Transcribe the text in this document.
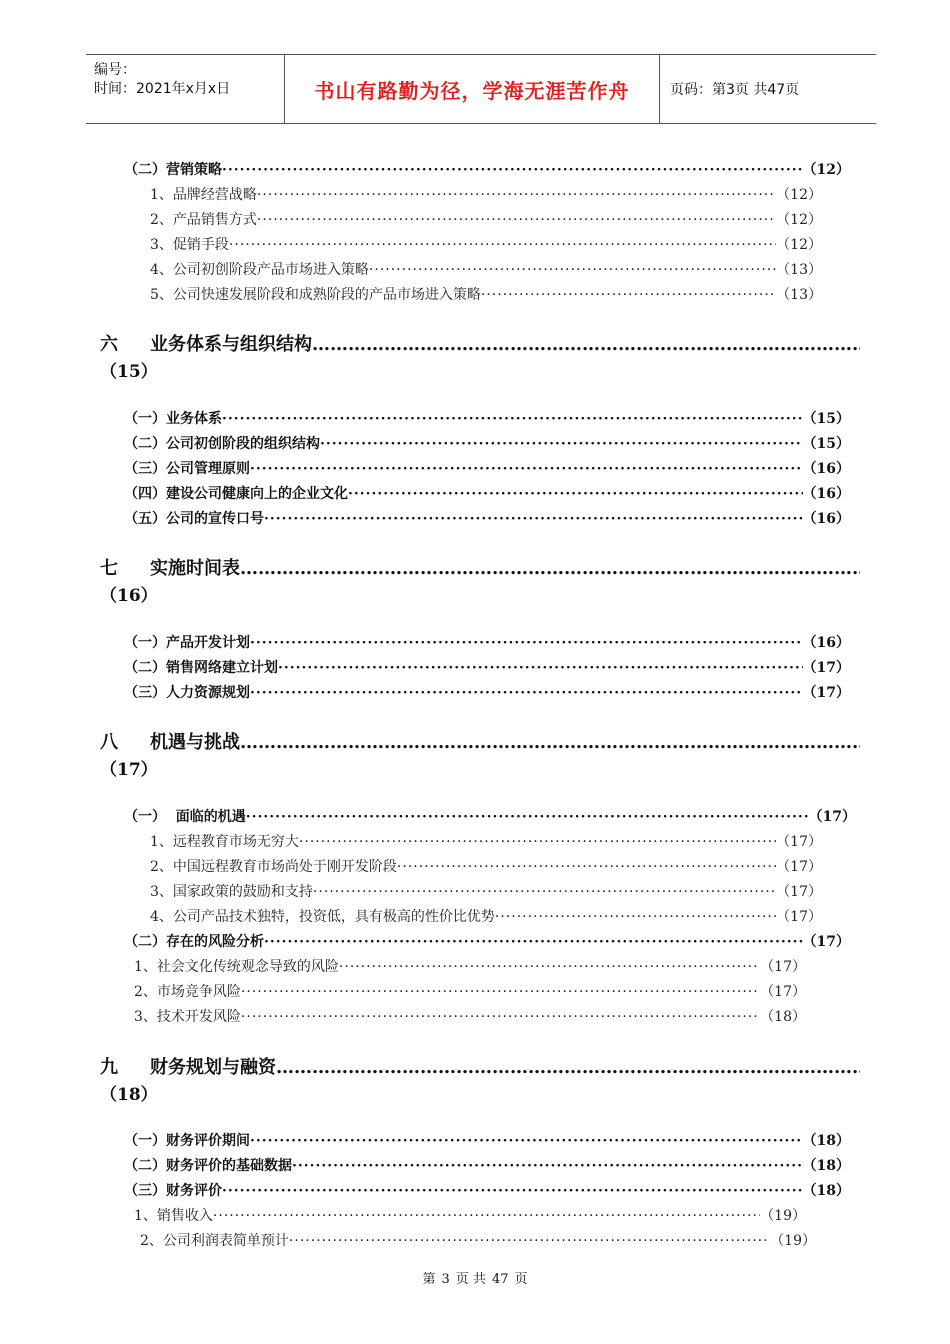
编号：
时间：2021年x月x日	书山有路勤为径，学海无涯苦作舟	页码：第3页 共47页
（二）营销策略 ·····	（12）
1、品牌经营战略 ·····	（12）
2、产品销售方式 ·····	（12）
3、促销手段 ·····	（12）
4、公司初创阶段产品市场进入策略 ·····	（13）
5、公司快速发展阶段和成熟阶段的产品市场进入策略 ·····	（13）
六 业务体系与组织结构
……………………………………………………………………………………………………………………………………………………
（15）
（一）业务体系 ·····	（15）
（二）公司初创阶段的组织结构 ·····	（15）
（三）公司管理原则 ·····	（16）
（四）建设公司健康向上的企业文化 ·····	（16）
（五）公司的宣传口号 ·····	（16）
七 实施时间表
……………………………………………………………………………………………………………………………………………………
（16）
（一）产品开发计划 ·····	（16）
（二）销售网络建立计划 ·····	（17）
（三）人力资源规划 ·····	（17）
八 机遇与挑战
……………………………………………………………………………………………………………………………………………………
（17）
（一）  面临的机遇 ·····	（17）
1、远程教育市场无穷大 ·····	（17）
2、中国远程教育市场尚处于刚开发阶段 ·····	（17）
3、国家政策的鼓励和支持 ·····	（17）
4、公司产品技术独特，投资低，具有极高的性价比优势 ·····	（17）
（二）存在的风险分析 ·····	（17）
1、社会文化传统观念导致的风险 ·····	（17）
2、市场竞争风险 ·····	（17）
3、技术开发风险 ·····	（18）
九 财务规划与融资
……………………………………………………………………………………………………………………………………………………
（18）
（一）财务评价期间 ·····	（18）
（二）财务评价的基础数据 ·····	（18）
（三）财务评价 ·····	（18）
1、销售收入 ·····	（19）
2、公司利润表简单预计 ·····	（19）
第 3 页 共 47 页
